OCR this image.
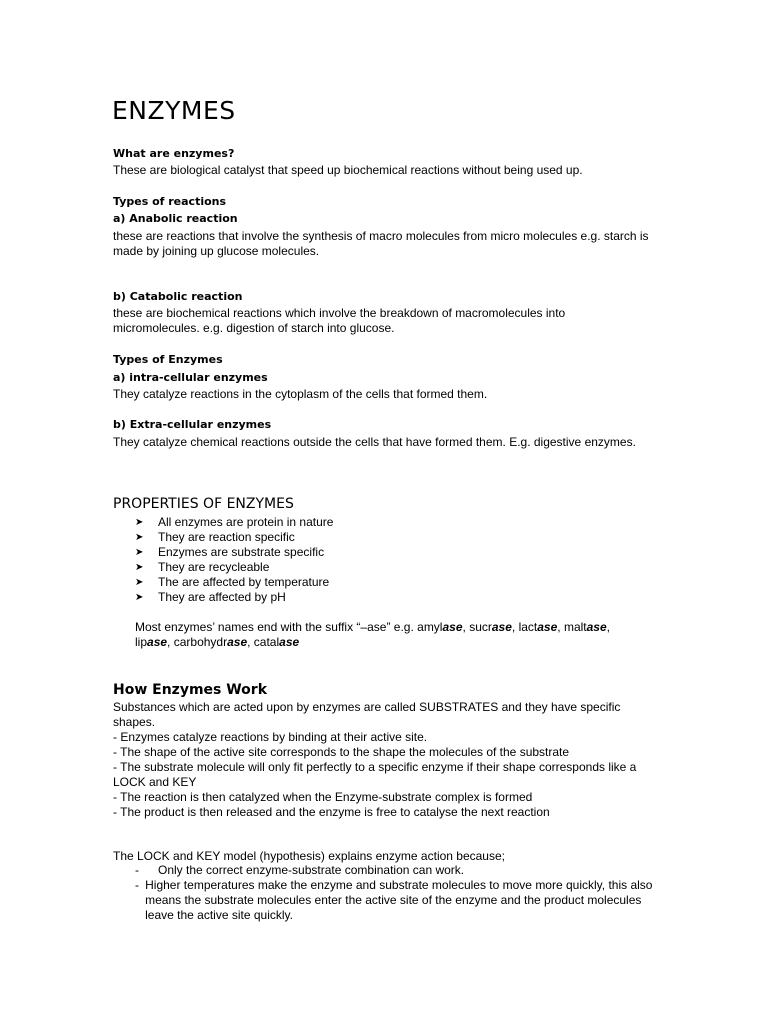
ENZYMES

What are enzymes?

These are biological catalyst that speed up biochemical reactions without being used up.

Types of reactions

a) Anabolic reaction

these are reactions that involve the synthesis of macro molecules from micro molecules e.g. starch is made by joining up glucose molecules.

b) Catabolic reaction

these are biochemical reactions which involve the breakdown of macromolecules into micromolecules. e.g. digestion of starch into glucose.

Types of Enzymes

a) intra-cellular enzymes

They catalyze reactions in the cytoplasm of the cells that formed them.

b) Extra-cellular enzymes

They catalyze chemical reactions outside the cells that have formed them. E.g. digestive enzymes.

PROPERTIES OF ENZYMES

➤	All enzymes are protein in nature
➤	They are reaction specific
➤	Enzymes are substrate specific
➤	They are recycleable
➤	The are affected by temperature
➤	They are affected by pH

Most enzymes’ names end with the suffix “–ase” e.g. amylase, sucrase, lactase, maltase,
lipase, carbohydrase, catalase

How Enzymes Work

Substances which are acted upon by enzymes are called SUBSTRATES and they have specific shapes.
- Enzymes catalyze reactions by binding at their active site.
- The shape of the active site corresponds to the shape the molecules of the substrate
- The substrate molecule will only fit perfectly to a specific enzyme if their shape corresponds like a LOCK and KEY
- The reaction is then catalyzed when the Enzyme-substrate complex is formed
- The product is then released and the enzyme is free to catalyse the next reaction

The LOCK and KEY model (hypothesis) explains enzyme action because;

-	Only the correct enzyme-substrate combination can work.
- Higher temperatures make the enzyme and substrate molecules to move more quickly, this also means the substrate molecules enter the active site of the enzyme and the product molecules leave the active site quickly.
